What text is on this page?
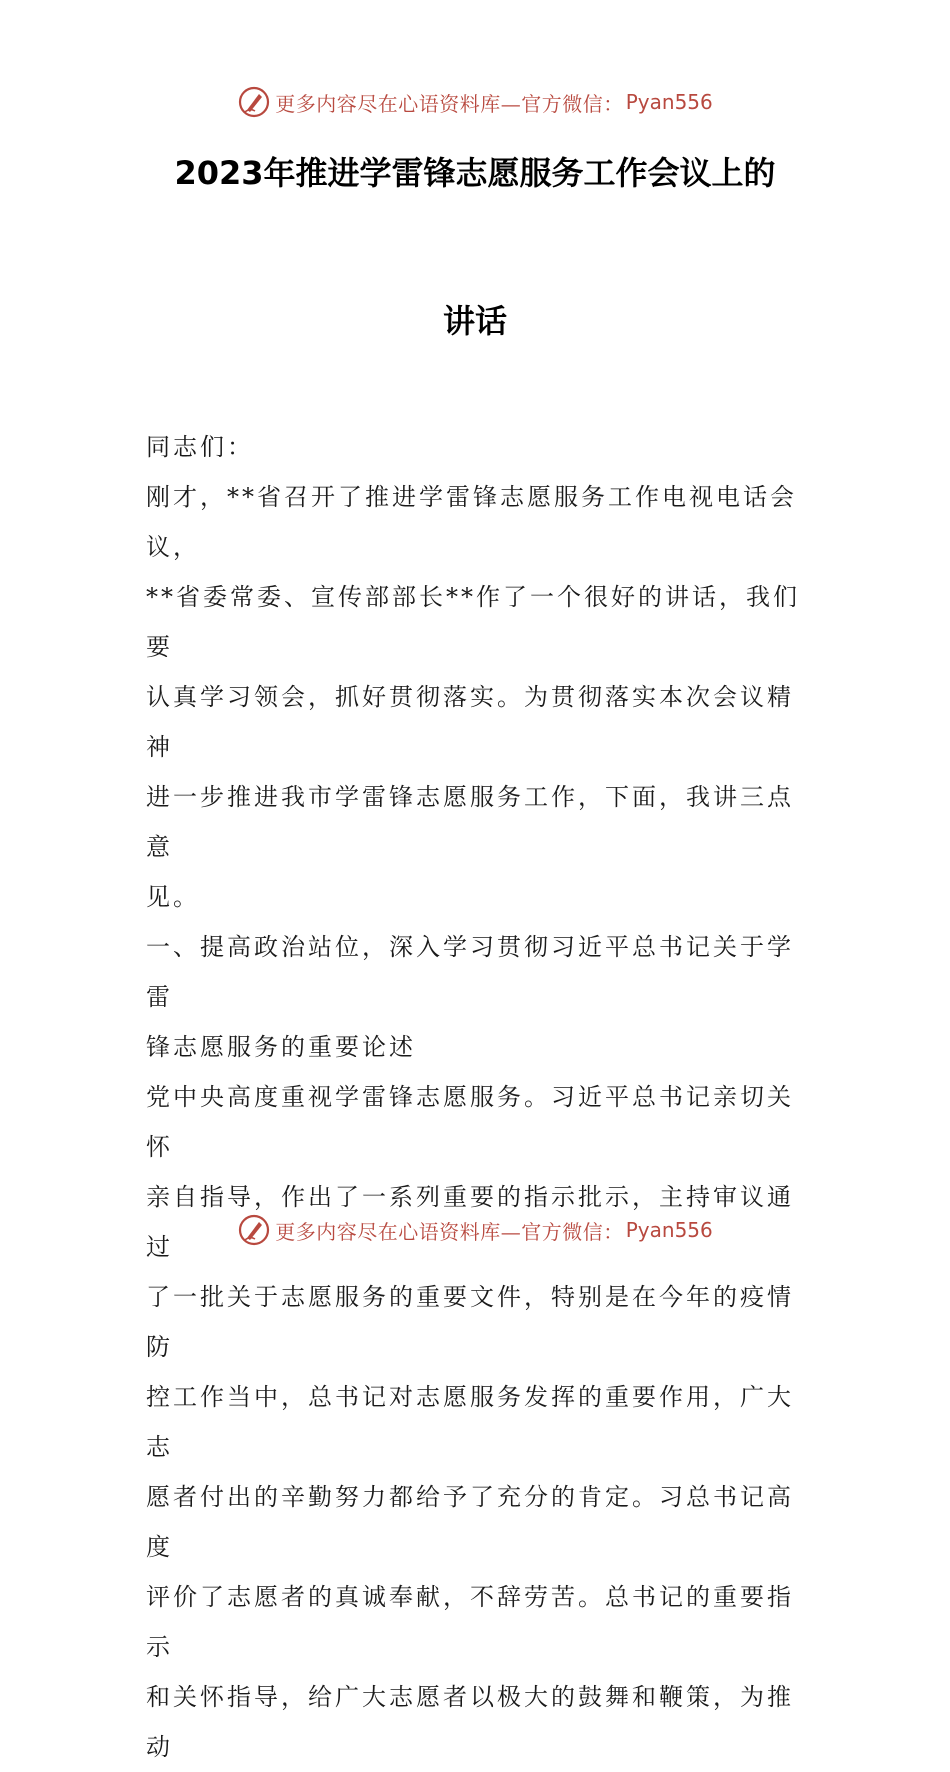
更多内容尽在心语资料库—官方微信： Pyan556
2023年推进学雷锋志愿服务工作会议上的
讲话

同志们：

刚才，**省召开了推进学雷锋志愿服务工作电视电话会议，

**省委常委、宣传部部长**作了一个很好的讲话，我们要

认真学习领会，抓好贯彻落实。为贯彻落实本次会议精神

进一步推进我市学雷锋志愿服务工作，下面，我讲三点意

见。

一、提高政治站位，深入学习贯彻习近平总书记关于学雷

锋志愿服务的重要论述

党中央高度重视学雷锋志愿服务。习近平总书记亲切关怀

亲自指导，作出了一系列重要的指示批示，主持审议通过

了一批关于志愿服务的重要文件，特别是在今年的疫情防

控工作当中，总书记对志愿服务发挥的重要作用，广大志

愿者付出的辛勤努力都给予了充分的肯定。习总书记高度

评价了志愿者的真诚奉献，不辞劳苦。总书记的重要指示

和关怀指导，给广大志愿者以极大的鼓舞和鞭策，为推动

更多内容尽在心语资料库—官方微信： Pyan556
